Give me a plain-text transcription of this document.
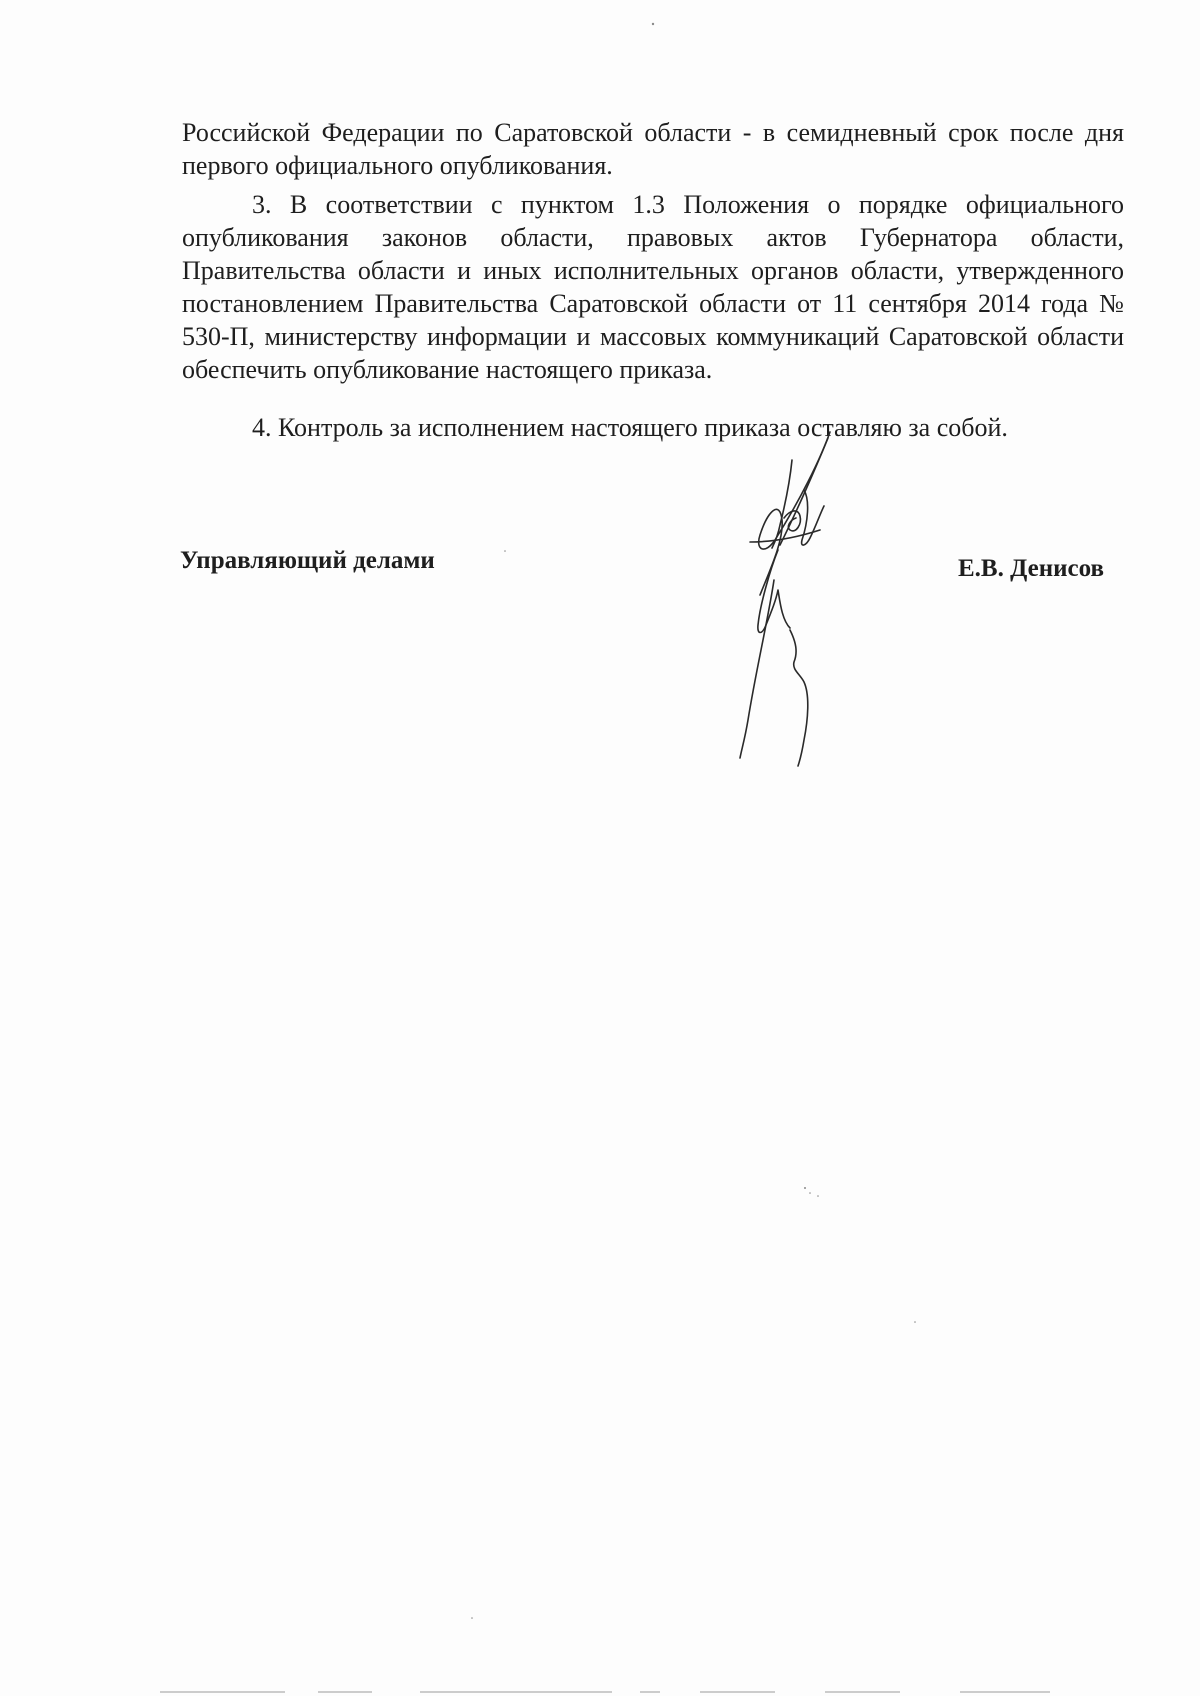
Российской Федерации по Саратовской области - в семидневный срок после дня первого официального опубликования.

3. В соответствии с пунктом 1.3 Положения о порядке официального опубликования законов области, правовых актов Губернатора области, Правительства области и иных исполнительных органов области, утвержденного постановлением Правительства Саратовской области от 11 сентября 2014 года № 530-П, министерству информации и массовых коммуникаций Саратовской области обеспечить опубликование настоящего приказа.

4. Контроль за исполнением настоящего приказа оставляю за собой.

Управляющий делами	Е.В. Денисов
